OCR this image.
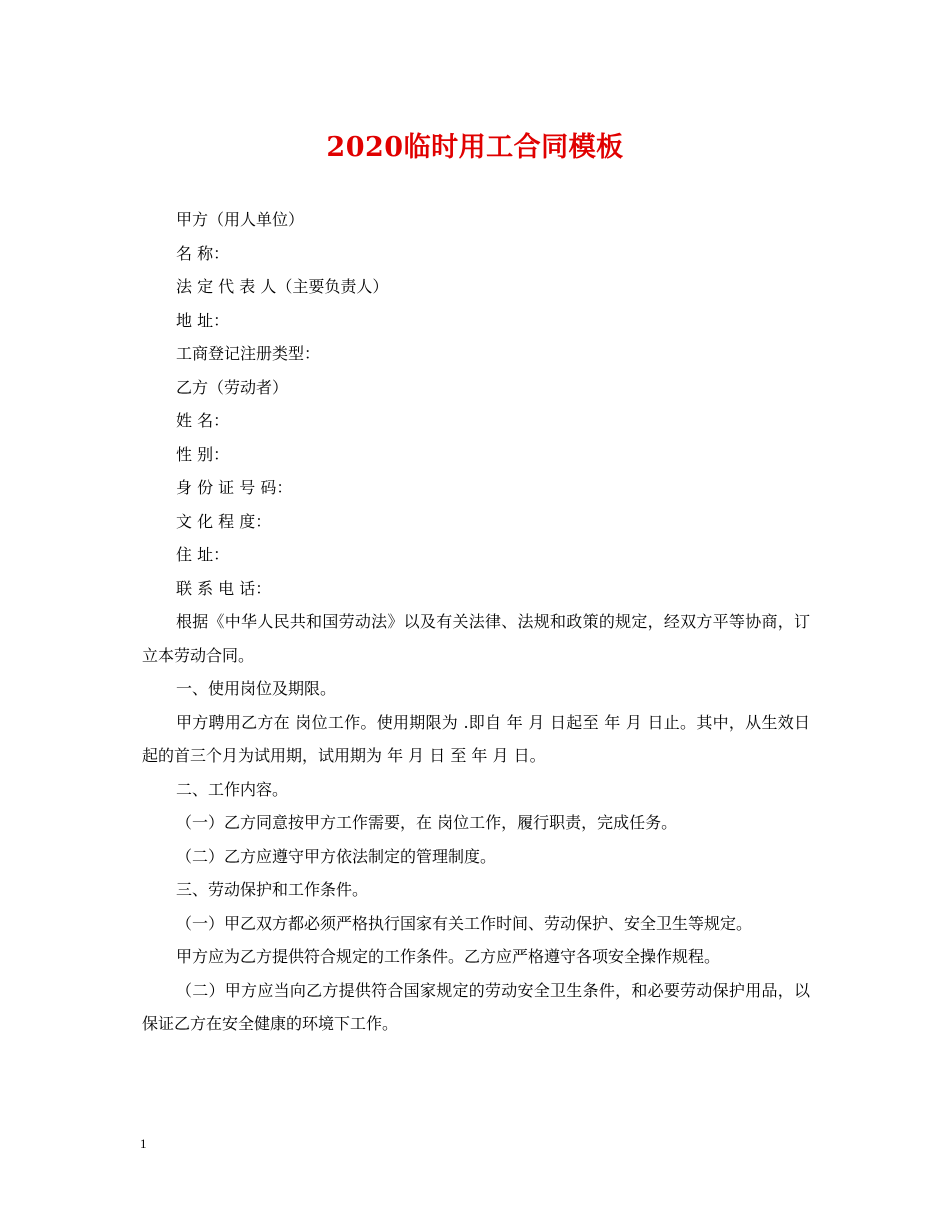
2020临时用工合同模板

甲方（用人单位）

名 称：

法 定 代 表 人（主要负责人）

地 址：

工商登记注册类型：

乙方（劳动者）

姓 名：

性 别：

身 份 证 号 码：

文 化 程 度：

住 址：

联 系 电 话：

根据《中华人民共和国劳动法》以及有关法律、法规和政策的规定，经双方平等协商，订立本劳动合同。

一、使用岗位及期限。

甲方聘用乙方在 岗位工作。使用期限为 .即自 年 月 日起至 年 月 日止。其中，从生效日起的首三个月为试用期，试用期为 年 月 日 至 年 月 日。

二、工作内容。

（一）乙方同意按甲方工作需要，在 岗位工作，履行职责，完成任务。

（二）乙方应遵守甲方依法制定的管理制度。

三、劳动保护和工作条件。

（一）甲乙双方都必须严格执行国家有关工作时间、劳动保护、安全卫生等规定。

甲方应为乙方提供符合规定的工作条件。乙方应严格遵守各项安全操作规程。

（二）甲方应当向乙方提供符合国家规定的劳动安全卫生条件，和必要劳动保护用品，以保证乙方在安全健康的环境下工作。

1
